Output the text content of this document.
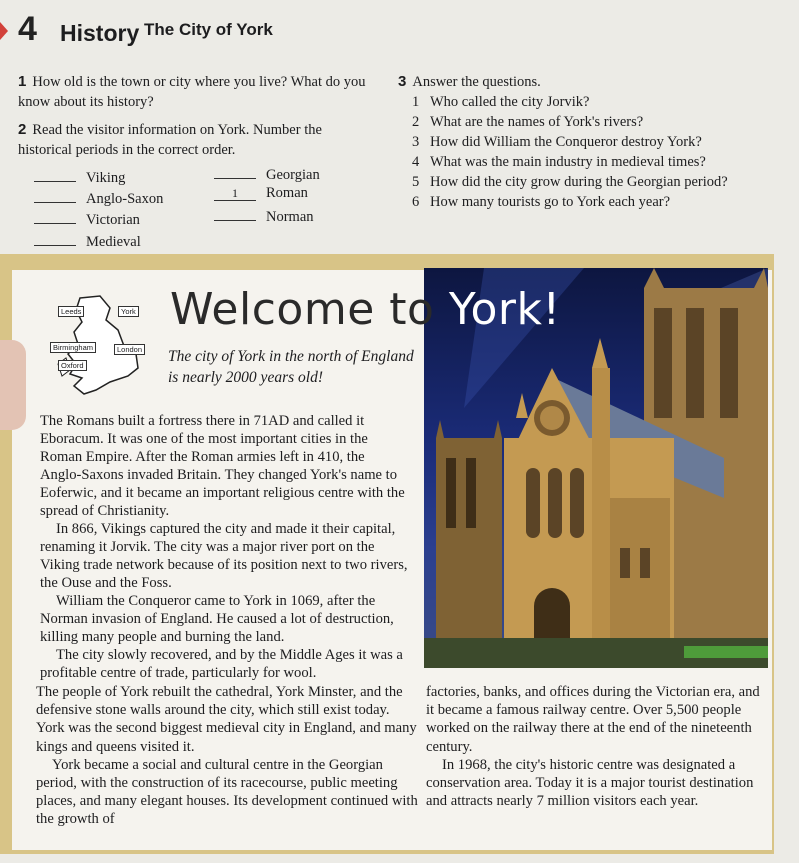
4 History The City of York
1 How old is the town or city where you live? What do you know about its history?
2 Read the visitor information on York. Number the historical periods in the correct order.
Viking
Anglo-Saxon
Victorian
Medieval
Georgian
1 Roman
Norman
3 Answer the questions.
1 Who called the city Jorvik?
2 What are the names of York's rivers?
3 How did William the Conqueror destroy York?
4 What was the main industry in medieval times?
5 How did the city grow during the Georgian period?
6 How many tourists go to York each year?
Leeds	York
Birmingham	London
Oxford
Welcome to York!
The city of York in the north of England is nearly 2000 years old!

The Romans built a fortress there in 71AD and called it Eboracum. It was one of the most important cities in the Roman Empire. After the Roman armies left in 410, the Anglo-Saxons invaded Britain. They changed York's name to Eoferwic, and it became an important religious centre with the spread of Christianity.

In 866, Vikings captured the city and made it their capital, renaming it Jorvik. The city was a major river port on the Viking trade network because of its position next to two rivers, the Ouse and the Foss.

William the Conqueror came to York in 1069, after the Norman invasion of England. He caused a lot of destruction, killing many people and burning the land.

The city slowly recovered, and by the Middle Ages it was a profitable centre of trade, particularly for wool.

The people of York rebuilt the cathedral, York Minster, and the defensive stone walls around the city, which still exist today. York was the second biggest medieval city in England, and many kings and queens visited it.

York became a social and cultural centre in the Georgian period, with the construction of its racecourse, public meeting places, and many elegant houses. Its development continued with the growth of

factories, banks, and offices during the Victorian era, and it became a famous railway centre. Over 5,500 people worked on the railway there at the end of the nineteenth century.

In 1968, the city's historic centre was designated a conservation area. Today it is a major tourist destination and attracts nearly 7 million visitors each year.
